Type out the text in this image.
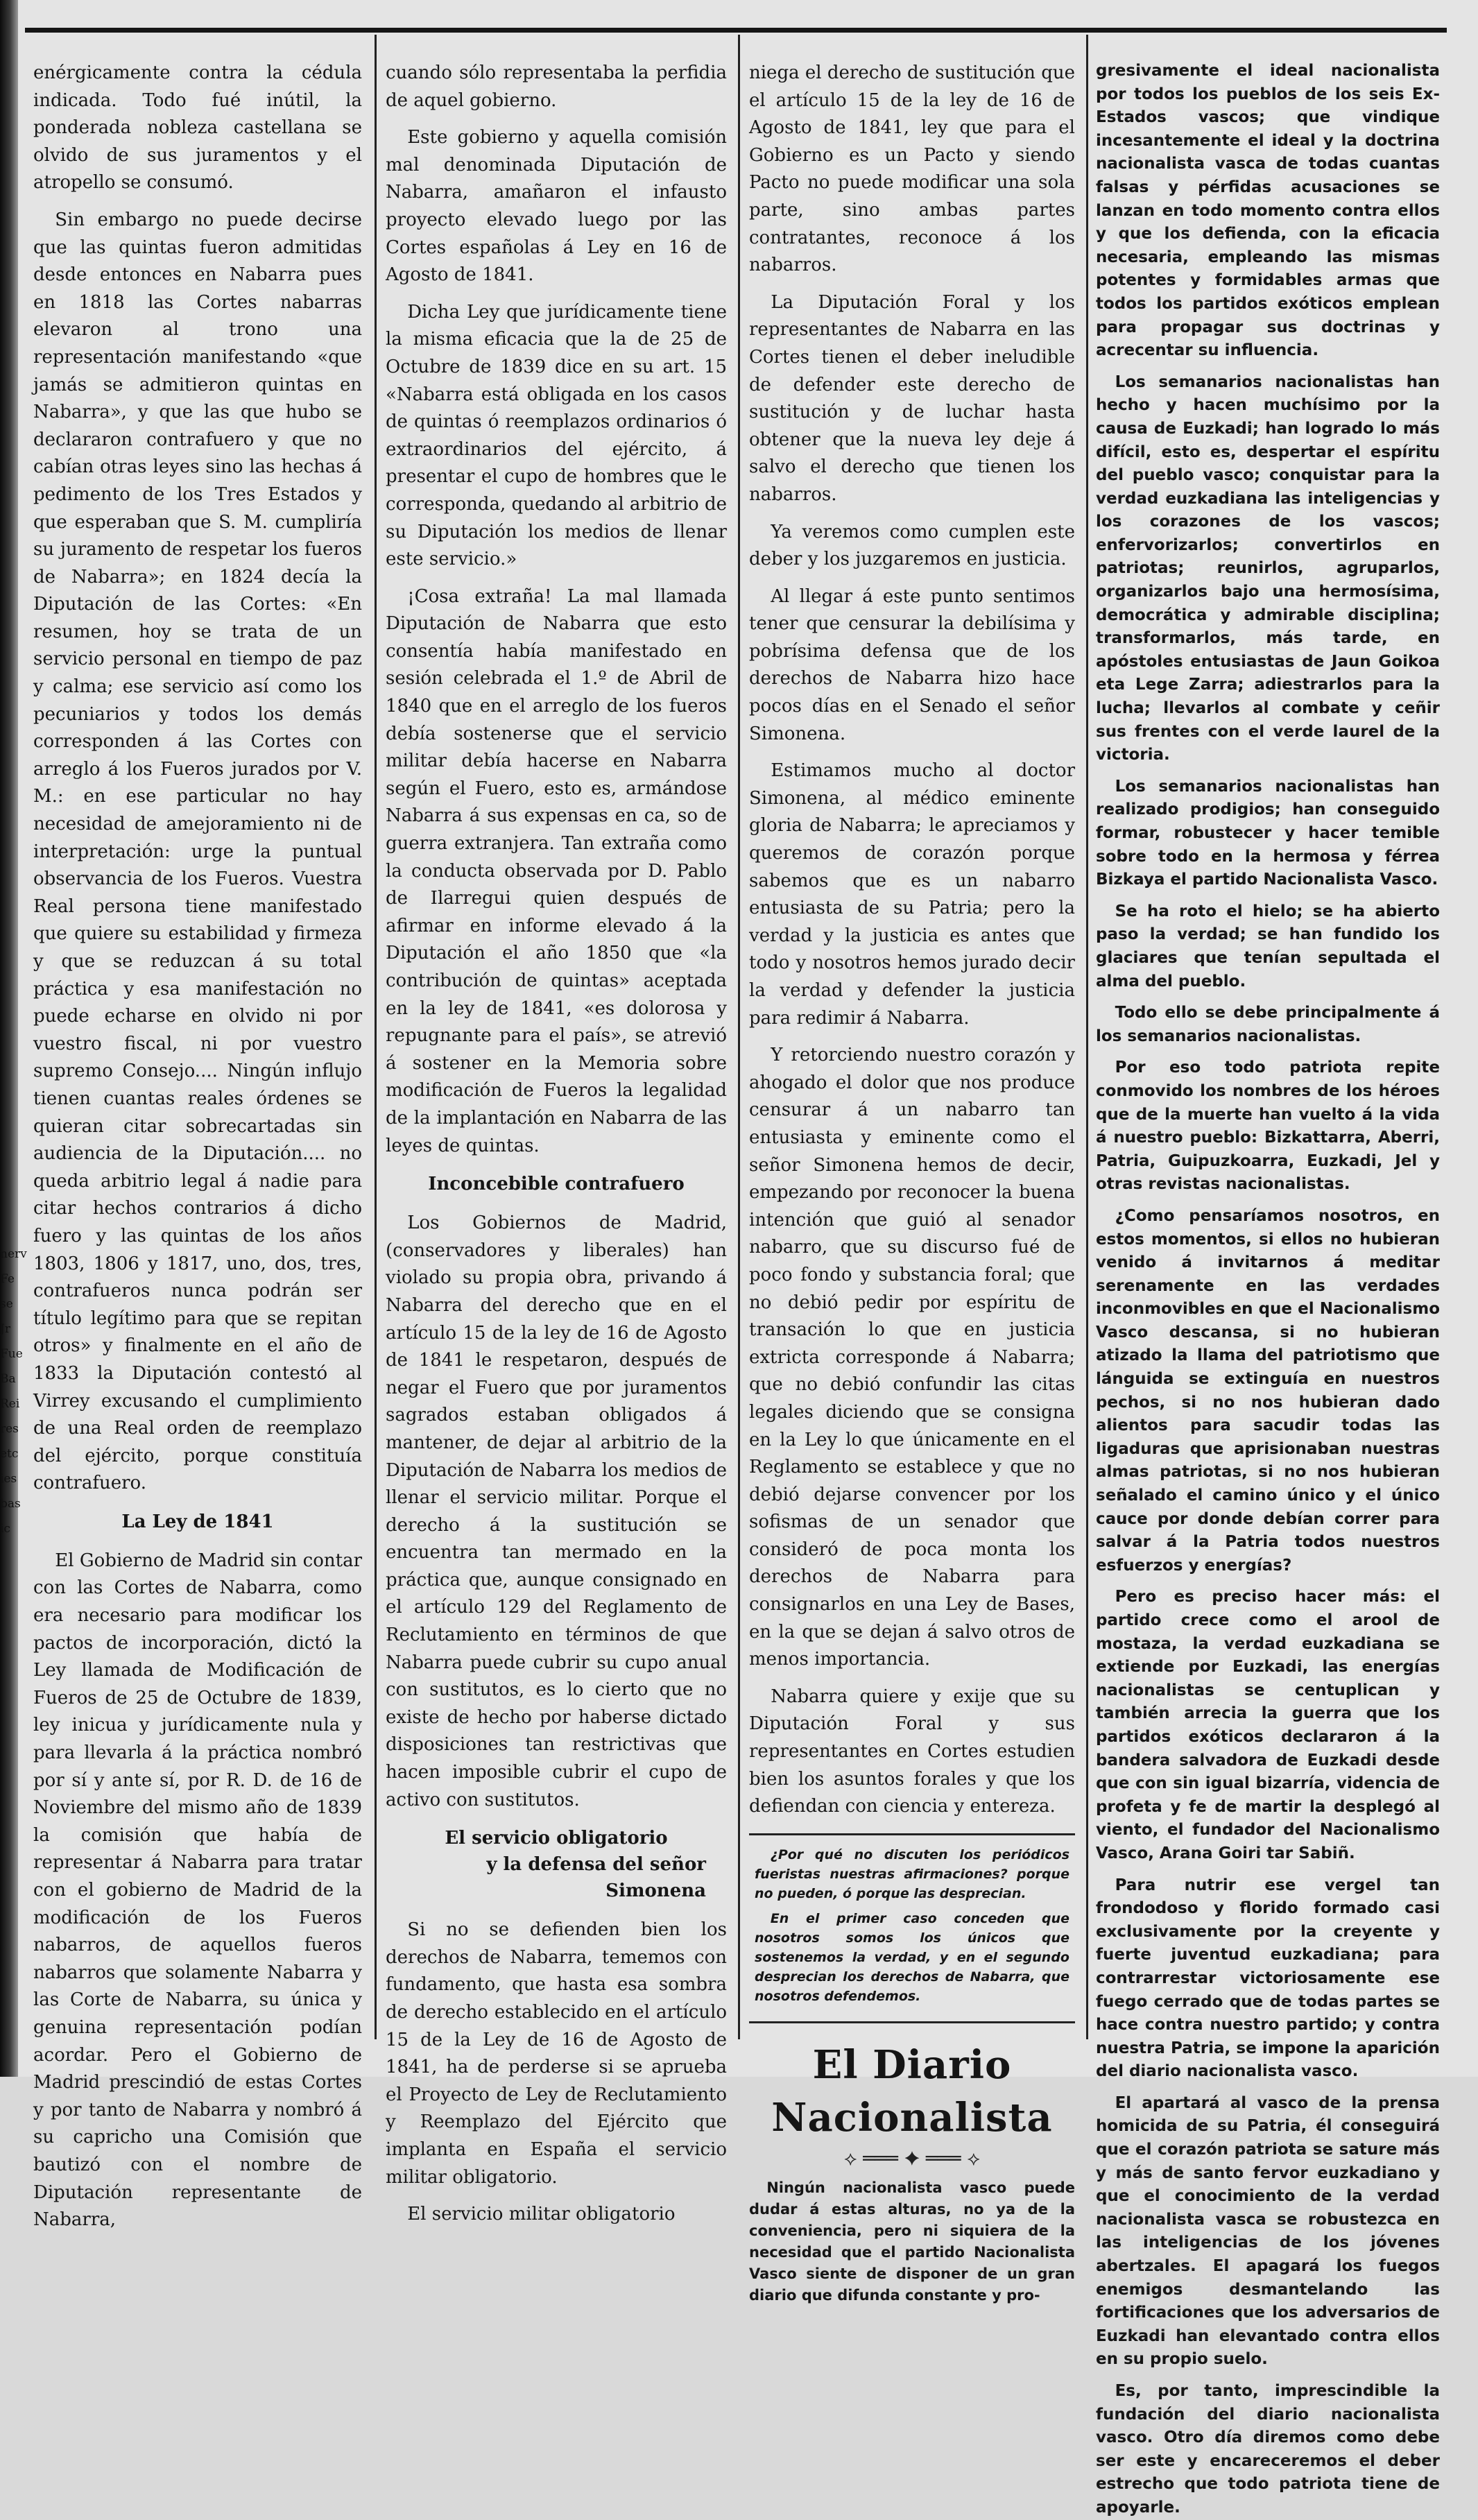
nerv
Fe
se
Jr
Fue
Ba
Rei
res
etc
ies
bas
ic

enérgicamente contra la cédula indicada. Todo fué inútil, la ponderada nobleza castellana se olvido de sus juramentos y el atropello se consumó.

Sin embargo no puede decirse que las quintas fueron admitidas desde entonces en Nabarra pues en 1818 las Cortes nabarras elevaron al trono una representación manifestando «que jamás se admitieron quintas en Nabarra», y que las que hubo se declararon contrafuero y que no cabían otras leyes sino las hechas á pedimento de los Tres Estados y que esperaban que S. M. cumpliría su juramento de respetar los fueros de Nabarra»; en 1824 decía la Diputación de las Cortes: «En resumen, hoy se trata de un servicio personal en tiempo de paz y calma; ese servicio así como los pecuniarios y todos los demás corresponden á las Cortes con arreglo á los Fueros jurados por V. M.: en ese particular no hay necesidad de amejoramiento ni de interpretación: urge la puntual observancia de los Fueros. Vuestra Real persona tiene manifestado que quiere su estabilidad y firmeza y que se reduzcan á su total práctica y esa manifestación no puede echarse en olvido ni por vuestro fiscal, ni por vuestro supremo Consejo.... Ningún influjo tienen cuantas reales órdenes se quieran citar sobrecartadas sin audiencia de la Diputación.... no queda arbitrio legal á nadie para citar hechos contrarios á dicho fuero y las quintas de los años 1803, 1806 y 1817, uno, dos, tres, contrafueros nunca podrán ser título legítimo para que se repitan otros» y finalmente en el año de 1833 la Diputación contestó al Virrey excusando el cumplimiento de una Real orden de reemplazo del ejército, porque constituía contrafuero.

La Ley de 1841

El Gobierno de Madrid sin contar con las Cortes de Nabarra, como era necesario para modificar los pactos de incorporación, dictó la Ley llamada de Modificación de Fueros de 25 de Octubre de 1839, ley inicua y jurídicamente nula y para llevarla á la práctica nombró por sí y ante sí, por R. D. de 16 de Noviembre del mismo año de 1839 la comisión que había de representar á Nabarra para tratar con el gobierno de Madrid de la modificación de los Fueros nabarros, de aquellos fueros nabarros que solamente Nabarra y las Corte de Nabarra, su única y genuina representación podían acordar. Pero el Gobierno de Madrid prescindió de estas Cortes y por tanto de Nabarra y nombró á su capricho una Comisión que bautizó con el nombre de Diputación representante de Nabarra,

cuando sólo representaba la perfidia de aquel gobierno.

Este gobierno y aquella comisión mal denominada Diputación de Nabarra, amañaron el infausto proyecto elevado luego por las Cortes españolas á Ley en 16 de Agosto de 1841.

Dicha Ley que jurídicamente tiene la misma eficacia que la de 25 de Octubre de 1839 dice en su art. 15 «Nabarra está obligada en los casos de quintas ó reemplazos ordinarios ó extraordinarios del ejército, á presentar el cupo de hombres que le corresponda, quedando al arbitrio de su Diputación los medios de llenar este servicio.»

¡Cosa extraña! La mal llamada Diputación de Nabarra que esto consentía había manifestado en sesión celebrada el 1.º de Abril de 1840 que en el arreglo de los fueros debía sostenerse que el servicio militar debía hacerse en Nabarra según el Fuero, esto es, armándose Nabarra á sus expensas en ca, so de guerra extranjera. Tan extraña como la conducta observada por D. Pablo de Ilarregui quien después de afirmar en informe elevado á la Diputación el año 1850 que «la contribución de quintas» aceptada en la ley de 1841, «es dolorosa y repugnante para el país», se atrevió á sostener en la Memoria sobre modificación de Fueros la legalidad de la implantación en Nabarra de las leyes de quintas.

Inconcebible contrafuero

Los Gobiernos de Madrid, (conservadores y liberales) han violado su propia obra, privando á Nabarra del derecho que en el artículo 15 de la ley de 16 de Agosto de 1841 le respetaron, después de negar el Fuero que por juramentos sagrados estaban obligados á mantener, de dejar al arbitrio de la Diputación de Nabarra los medios de llenar el servicio militar. Porque el derecho á la sustitución se encuentra tan mermado en la práctica que, aunque consignado en el artículo 129 del Reglamento de Reclutamiento en términos de que Nabarra puede cubrir su cupo anual con sustitutos, es lo cierto que no existe de hecho por haberse dictado disposiciones tan restrictivas que hacen imposible cubrir el cupo de activo con sustitutos.

El servicio obligatorio
y la defensa del señor Simonena

Si no se defienden bien los derechos de Nabarra, tememos con fundamento, que hasta esa sombra de derecho establecido en el artículo 15 de la Ley de 16 de Agosto de 1841, ha de perderse si se aprueba el Proyecto de Ley de Reclutamiento y Reemplazo del Ejército que implanta en España el servicio militar obligatorio.

El servicio militar obligatorio

niega el derecho de sustitución que el artículo 15 de la ley de 16 de Agosto de 1841, ley que para el Gobierno es un Pacto y siendo Pacto no puede modificar una sola parte, sino ambas partes contratantes, reconoce á los nabarros.

La Diputación Foral y los representantes de Nabarra en las Cortes tienen el deber ineludible de defender este derecho de sustitución y de luchar hasta obtener que la nueva ley deje á salvo el derecho que tienen los nabarros.

Ya veremos como cumplen este deber y los juzgaremos en justicia.

Al llegar á este punto sentimos tener que censurar la debilísima y pobrísima defensa que de los derechos de Nabarra hizo hace pocos días en el Senado el señor Simonena.

Estimamos mucho al doctor Simonena, al médico eminente gloria de Nabarra; le apreciamos y queremos de corazón porque sabemos que es un nabarro entusiasta de su Patria; pero la verdad y la justicia es antes que todo y nosotros hemos jurado decir la verdad y defender la justicia para redimir á Nabarra.

Y retorciendo nuestro corazón y ahogado el dolor que nos produce censurar á un nabarro tan entusiasta y eminente como el señor Simonena hemos de decir, empezando por reconocer la buena intención que guió al senador nabarro, que su discurso fué de poco fondo y substancia foral; que no debió pedir por espíritu de transación lo que en justicia extricta corresponde á Nabarra; que no debió confundir las citas legales diciendo que se consigna en la Ley lo que únicamente en el Reglamento se establece y que no debió dejarse convencer por los sofismas de un senador que consideró de poca monta los derechos de Nabarra para consignarlos en una Ley de Bases, en la que se dejan á salvo otros de menos importancia.

Nabarra quiere y exije que su Diputación Foral y sus representantes en Cortes estudien bien los asuntos forales y que los defiendan con ciencia y entereza.

¿Por qué no discuten los periódicos fueristas nuestras afirmaciones? porque no pueden, ó porque las desprecian.

En el primer caso conceden que nosotros somos los únicos que sostenemos la verdad, y en el segundo desprecian los derechos de Nabarra, que nosotros defendemos.

El Diario Nacionalista
⟡ ═══ ✦ ═══ ⟡

Ningún nacionalista vasco puede dudar á estas alturas, no ya de la conveniencia, pero ni siquiera de la necesidad que el partido Nacionalista Vasco siente de disponer de un gran diario que difunda constante y pro-

gresivamente el ideal nacionalista por todos los pueblos de los seis Ex-Estados vascos; que vindique incesantemente el ideal y la doctrina nacionalista vasca de todas cuantas falsas y pérfidas acusaciones se lanzan en todo momento contra ellos y que los defienda, con la eficacia necesaria, empleando las mismas potentes y formidables armas que todos los partidos exóticos emplean para propagar sus doctrinas y acrecentar su influencia.

Los semanarios nacionalistas han hecho y hacen muchísimo por la causa de Euzkadi; han logrado lo más difícil, esto es, despertar el espíritu del pueblo vasco; conquistar para la verdad euzkadiana las inteligencias y los corazones de los vascos; enfervorizarlos; convertirlos en patriotas; reunirlos, agruparlos, organizarlos bajo una hermosísima, democrática y admirable disciplina; transformarlos, más tarde, en apóstoles entusiastas de Jaun Goikoa eta Lege Zarra; adiestrarlos para la lucha; llevarlos al combate y ceñir sus frentes con el verde laurel de la victoria.

Los semanarios nacionalistas han realizado prodigios; han conseguido formar, robustecer y hacer temible sobre todo en la hermosa y férrea Bizkaya el partido Nacionalista Vasco.

Se ha roto el hielo; se ha abierto paso la verdad; se han fundido los glaciares que tenían sepultada el alma del pueblo.

Todo ello se debe principalmente á los semanarios nacionalistas.

Por eso todo patriota repite conmovido los nombres de los héroes que de la muerte han vuelto á la vida á nuestro pueblo: Bizkattarra, Aberri, Patria, Guipuzkoarra, Euzkadi, Jel y otras revistas nacionalistas.

¿Como pensaríamos nosotros, en estos momentos, si ellos no hubieran venido á invitarnos á meditar serenamente en las verdades inconmovibles en que el Nacionalismo Vasco descansa, si no hubieran atizado la llama del patriotismo que lánguida se extinguía en nuestros pechos, si no nos hubieran dado alientos para sacudir todas las ligaduras que aprisionaban nuestras almas patriotas, si no nos hubieran señalado el camino único y el único cauce por donde debían correr para salvar á la Patria todos nuestros esfuerzos y energías?

Pero es preciso hacer más: el partido crece como el arool de mostaza, la verdad euzkadiana se extiende por Euzkadi, las energías nacionalistas se centuplican y también arrecia la guerra que los partidos exóticos declararon á la bandera salvadora de Euzkadi desde que con sin igual bizarría, videncia de profeta y fe de martir la desplegó al viento, el fundador del Nacionalismo Vasco, Arana Goiri tar Sabiñ.

Para nutrir ese vergel tan frondodoso y florido formado casi exclusivamente por la creyente y fuerte juventud euzkadiana; para contrarrestar victoriosamente ese fuego cerrado que de todas partes se hace contra nuestro partido; y contra nuestra Patria, se impone la aparición del diario nacionalista vasco.

El apartará al vasco de la prensa homicida de su Patria, él conseguirá que el corazón patriota se sature más y más de santo fervor euzkadiano y que el conocimiento de la verdad nacionalista vasca se robustezca en las inteligencias de los jóvenes abertzales. El apagará los fuegos enemigos desmantelando las fortificaciones que los adversarios de Euzkadi han elevantado contra ellos en su propio suelo.

Es, por tanto, imprescindible la fundación del diario nacionalista vasco. Otro día diremos como debe ser este y encareceremos el deber estrecho que todo patriota tiene de apoyarle.
